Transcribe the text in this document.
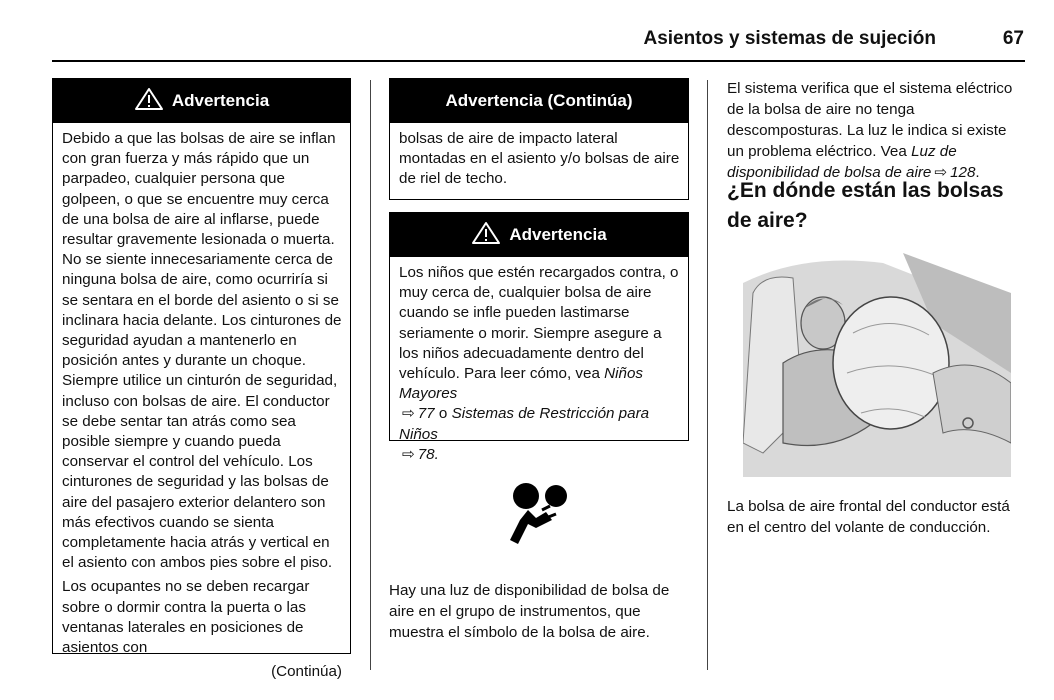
Asientos y sistemas de sujeción	67
Advertencia

Debido a que las bolsas de aire se inflan con gran fuerza y más rápido que un parpadeo, cualquier persona que golpeen, o que se encuentre muy cerca de una bolsa de aire al inflarse, puede resultar gravemente lesionada o muerta. No se siente innecesariamente cerca de ninguna bolsa de aire, como ocurriría si se sentara en el borde del asiento o si se inclinara hacia delante. Los cinturones de seguridad ayudan a mantenerlo en posición antes y durante un choque. Siempre utilice un cinturón de seguridad, incluso con bolsas de aire. El conductor se debe sentar tan atrás como sea posible siempre y cuando pueda conservar el control del vehículo. Los cinturones de seguridad y las bolsas de aire del pasajero exterior delantero son más efectivos cuando se sienta completamente hacia atrás y vertical en el asiento con ambos pies sobre el piso.

Los ocupantes no se deben recargar sobre o dormir contra la puerta o las ventanas laterales en posiciones de asientos con

(Continúa)
Advertencia (Continúa)

bolsas de aire de impacto lateral montadas en el asiento y/o bolsas de aire de riel de techo.

Advertencia
Los niños que estén recargados contra, o muy cerca de, cualquier bolsa de aire cuando se infle pueden lastimarse seriamente o morir. Siempre asegure a los niños adecuadamente dentro del vehículo. Para leer cómo, vea Niños Mayores
⇨ 77 o Sistemas de Restricción para Niños
⇨ 78.
Hay una luz de disponibilidad de bolsa de aire en el grupo de instrumentos, que muestra el símbolo de la bolsa de aire.
El sistema verifica que el sistema eléctrico de la bolsa de aire no tenga descomposturas. La luz le indica si existe un problema eléctrico. Vea Luz de disponibilidad de bolsa de aire ⇨ 128.
¿En dónde están las bolsas de aire?
La bolsa de aire frontal del conductor está en el centro del volante de conducción.
